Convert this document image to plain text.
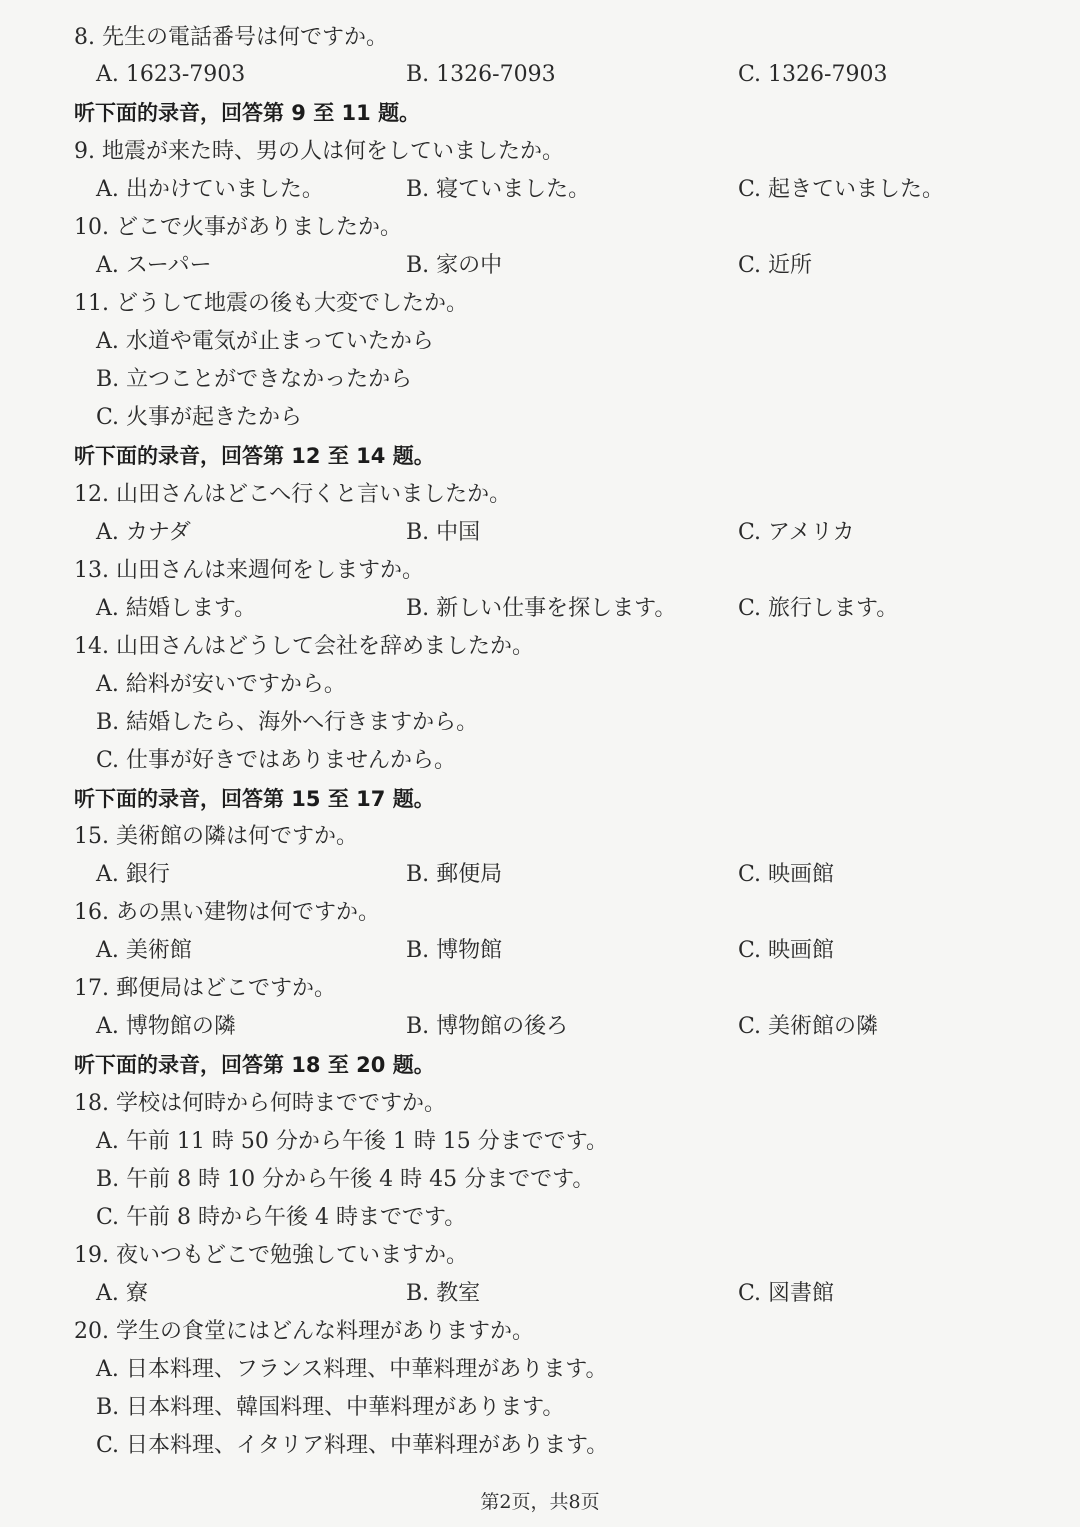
8. 先生の電話番号は何ですか。
A. 1623-7903	B. 1326-7093	C. 1326-7903
听下面的录音，回答第 9 至 11 题。
9. 地震が来た時、男の人は何をしていましたか。
A. 出かけていました。	B. 寝ていました。	C. 起きていました。
10. どこで火事がありましたか。
A. スーパー	B. 家の中	C. 近所
11. どうして地震の後も大変でしたか。
A. 水道や電気が止まっていたから
B. 立つことができなかったから
C. 火事が起きたから
听下面的录音，回答第 12 至 14 题。
12. 山田さんはどこへ行くと言いましたか。
A. カナダ	B. 中国	C. アメリカ
13. 山田さんは来週何をしますか。
A. 結婚します。	B. 新しい仕事を探します。	C. 旅行します。
14. 山田さんはどうして会社を辞めましたか。
A. 給料が安いですから。
B. 結婚したら、海外へ行きますから。
C. 仕事が好きではありませんから。
听下面的录音，回答第 15 至 17 题。
15. 美術館の隣は何ですか。
A. 銀行	B. 郵便局	C. 映画館
16. あの黒い建物は何ですか。
A. 美術館	B. 博物館	C. 映画館
17. 郵便局はどこですか。
A. 博物館の隣	B. 博物館の後ろ	C. 美術館の隣
听下面的录音，回答第 18 至 20 题。
18. 学校は何時から何時までですか。
A. 午前 11 時 50 分から午後 1 時 15 分までです。
B. 午前 8 時 10 分から午後 4 時 45 分までです。
C. 午前 8 時から午後 4 時までです。
19. 夜いつもどこで勉強していますか。
A. 寮	B. 教室	C. 図書館
20. 学生の食堂にはどんな料理がありますか。
A. 日本料理、フランス料理、中華料理があります。
B. 日本料理、韓国料理、中華料理があります。
C. 日本料理、イタリア料理、中華料理があります。
第2页，共8页
